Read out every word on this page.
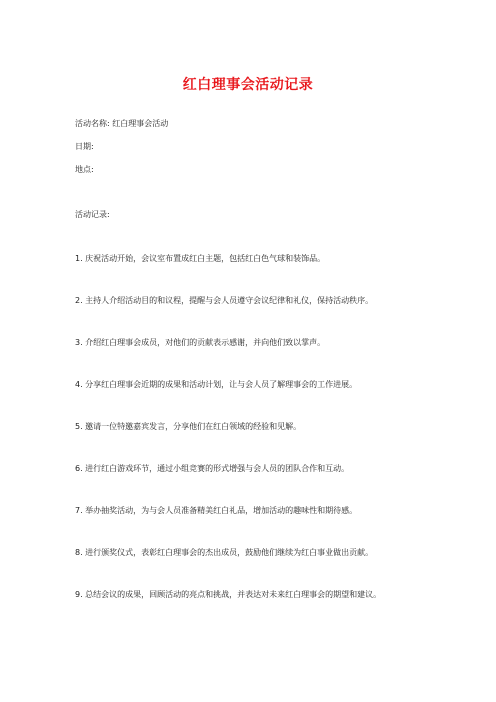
红白理事会活动记录
活动名称: 红白理事会活动
日期:
地点:
活动记录:
1. 庆祝活动开始，会议室布置成红白主题，包括红白色气球和装饰品。
2. 主持人介绍活动目的和议程，提醒与会人员遵守会议纪律和礼仪，保持活动秩序。
3. 介绍红白理事会成员，对他们的贡献表示感谢，并向他们致以掌声。
4. 分享红白理事会近期的成果和活动计划，让与会人员了解理事会的工作进展。
5. 邀请一位特邀嘉宾发言，分享他们在红白领域的经验和见解。
6. 进行红白游戏环节，通过小组竞赛的形式增强与会人员的团队合作和互动。
7. 举办抽奖活动，为与会人员准备精美红白礼品，增加活动的趣味性和期待感。
8. 进行颁奖仪式，表彰红白理事会的杰出成员，鼓励他们继续为红白事业做出贡献。
9. 总结会议的成果，回顾活动的亮点和挑战，并表达对未来红白理事会的期望和建议。
